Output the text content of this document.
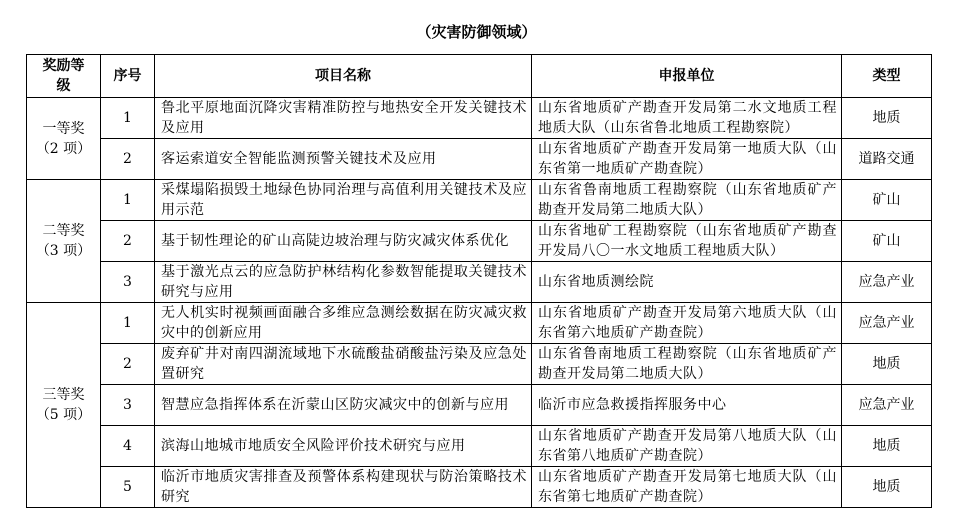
（灾害防御领域）
奖励等级	序号	项目名称	申报单位	类型

一等奖
（2 项）	1	鲁北平原地面沉降灾害精准防控与地热安全开发关键技术及应用	山东省地质矿产勘查开发局第二水文地质工程地质大队（山东省鲁北地质工程勘察院）	地质
	2	客运索道安全智能监测预警关键技术及应用	山东省地质矿产勘查开发局第一地质大队（山东省第一地质矿产勘查院）	道路交通

二等奖
（3 项）	1	采煤塌陷损毁土地绿色协同治理与高值利用关键技术及应用示范	山东省鲁南地质工程勘察院（山东省地质矿产勘查开发局第二地质大队）	矿山
	2	基于韧性理论的矿山高陡边坡治理与防灾减灾体系优化	山东省地矿工程勘察院（山东省地质矿产勘查开发局八〇一水文地质工程地质大队）	矿山
	3	基于激光点云的应急防护林结构化参数智能提取关键技术研究与应用	山东省地质测绘院	应急产业

三等奖
（5 项）	1	无人机实时视频画面融合多维应急测绘数据在防灾减灾救灾中的创新应用	山东省地质矿产勘查开发局第六地质大队（山东省第六地质矿产勘查院）	应急产业
	2	废弃矿井对南四湖流域地下水硫酸盐硝酸盐污染及应急处置研究	山东省鲁南地质工程勘察院（山东省地质矿产勘查开发局第二地质大队）	地质
	3	智慧应急指挥体系在沂蒙山区防灾减灾中的创新与应用	临沂市应急救援指挥服务中心	应急产业
	4	滨海山地城市地质安全风险评价技术研究与应用	山东省地质矿产勘查开发局第八地质大队（山东省第八地质矿产勘查院）	地质
	5	临沂市地质灾害排查及预警体系构建现状与防治策略技术研究	山东省地质矿产勘查开发局第七地质大队（山东省第七地质矿产勘查院）	地质
